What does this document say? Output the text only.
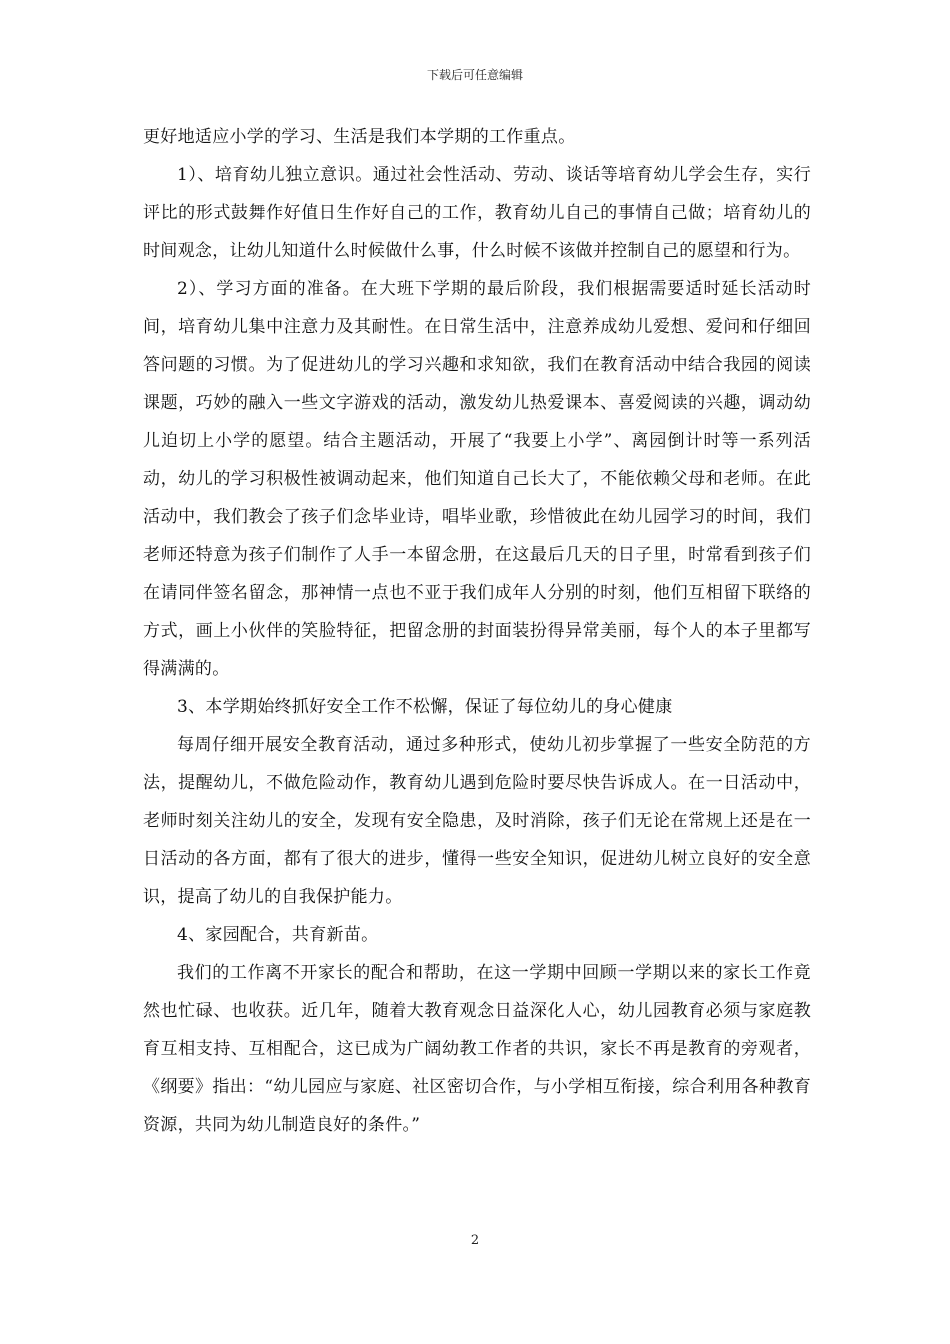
下载后可任意编辑

更好地适应小学的学习、生活是我们本学期的工作重点。

1）、培育幼儿独立意识。通过社会性活动、劳动、谈话等培育幼儿学会生存，实行评比的形式鼓舞作好值日生作好自己的工作，教育幼儿自己的事情自己做；培育幼儿的时间观念，让幼儿知道什么时候做什么事，什么时候不该做并控制自己的愿望和行为。

2）、学习方面的准备。在大班下学期的最后阶段，我们根据需要适时延长活动时间，培育幼儿集中注意力及其耐性。在日常生活中，注意养成幼儿爱想、爱问和仔细回答问题的习惯。为了促进幼儿的学习兴趣和求知欲，我们在教育活动中结合我园的阅读课题，巧妙的融入一些文字游戏的活动，激发幼儿热爱课本、喜爱阅读的兴趣，调动幼儿迫切上小学的愿望。结合主题活动，开展了“我要上小学”、离园倒计时等一系列活动，幼儿的学习积极性被调动起来，他们知道自己长大了，不能依赖父母和老师。在此活动中，我们教会了孩子们念毕业诗，唱毕业歌，珍惜彼此在幼儿园学习的时间，我们老师还特意为孩子们制作了人手一本留念册，在这最后几天的日子里，时常看到孩子们在请同伴签名留念，那神情一点也不亚于我们成年人分别的时刻，他们互相留下联络的方式，画上小伙伴的笑脸特征，把留念册的封面装扮得异常美丽，每个人的本子里都写得满满的。

3、本学期始终抓好安全工作不松懈，保证了每位幼儿的身心健康

每周仔细开展安全教育活动，通过多种形式，使幼儿初步掌握了一些安全防范的方法，提醒幼儿，不做危险动作，教育幼儿遇到危险时要尽快告诉成人。在一日活动中，老师时刻关注幼儿的安全，发现有安全隐患，及时消除，孩子们无论在常规上还是在一日活动的各方面，都有了很大的进步，懂得一些安全知识，促进幼儿树立良好的安全意识，提高了幼儿的自我保护能力。

4、家园配合，共育新苗。

我们的工作离不开家长的配合和帮助，在这一学期中回顾一学期以来的家长工作竟然也忙碌、也收获。近几年，随着大教育观念日益深化人心，幼儿园教育必须与家庭教育互相支持、互相配合，这已成为广阔幼教工作者的共识，家长不再是教育的旁观者，《纲要》指出：“幼儿园应与家庭、社区密切合作，与小学相互衔接，综合利用各种教育资源，共同为幼儿制造良好的条件。”

2
